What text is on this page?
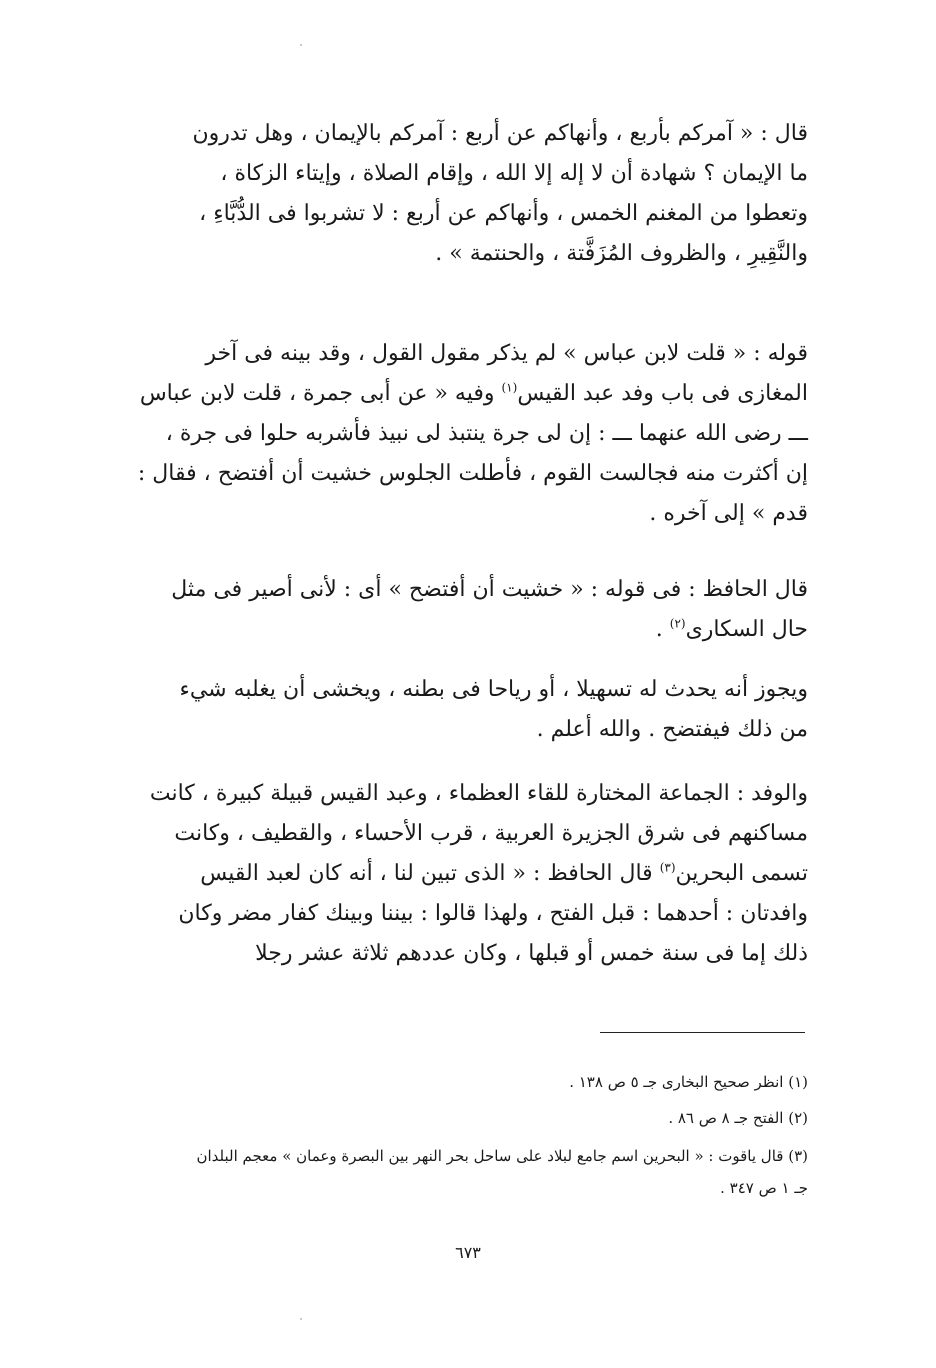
قال : « آمركم بأربع ، وأنهاكم عن أربع : آمركم بالإيمان ، وهل تدرون

ما الإيمان ؟ شهادة أن لا إله إلا الله ، وإقام الصلاة ، وإيتاء الزكاة ،

وتعطوا من المغنم الخمس ، وأنهاكم عن أربع : لا تشربوا فى الدُّبَّاءِ ،

والنَّقِيرِ ، والظروف المُزَفَّتة ، والحنتمة » .

قوله : « قلت لابن عباس » لم يذكر مقول القول ، وقد بينه فى آخر

المغازى فى باب وفد عبد القيس$^{(١)}$ وفيه « عن أبى جمرة ، قلت لابن عباس

ـــ رضى الله عنهما ـــ : إن لى جرة ينتبذ لى نبيذ فأشربه حلوا فى جرة ،

إن أكثرت منه فجالست القوم ، فأطلت الجلوس خشيت أن أفتضح ، فقال :

قدم » إلى آخره .

قال الحافظ : فى قوله : « خشيت أن أفتضح » أى : لأنى أصير فى مثل

حال السكارى$^{(٢)}$ .

ويجوز أنه يحدث له تسهيلا ، أو رياحا فى بطنه ، ويخشى أن يغلبه شيء

من ذلك فيفتضح . والله أعلم .

والوفد : الجماعة المختارة للقاء العظماء ، وعبد القيس قبيلة كبيرة ، كانت

مساكنهم فى شرق الجزيرة العربية ، قرب الأحساء ، والقطيف ، وكانت

تسمى البحرين$^{(٣)}$ قال الحافظ : « الذى تبين لنا ، أنه كان لعبد القيس

وافدتان : أحدهما : قبل الفتح ، ولهذا قالوا : بيننا وبينك كفار مضر وكان

ذلك إما فى سنة خمس أو قبلها ، وكان عددهم ثلاثة عشر رجلا

(١) انظر صحيح البخارى جـ ٥ ص ١٣٨ .
(٢) الفتح جـ ٨ ص ٨٦ .
(٣) قال ياقوت : « البحرين اسم جامع لبلاد على ساحل بحر النهر بين البصرة وعمان » معجم البلدان
جـ ١ ص ٣٤٧ .
٦٧٣
